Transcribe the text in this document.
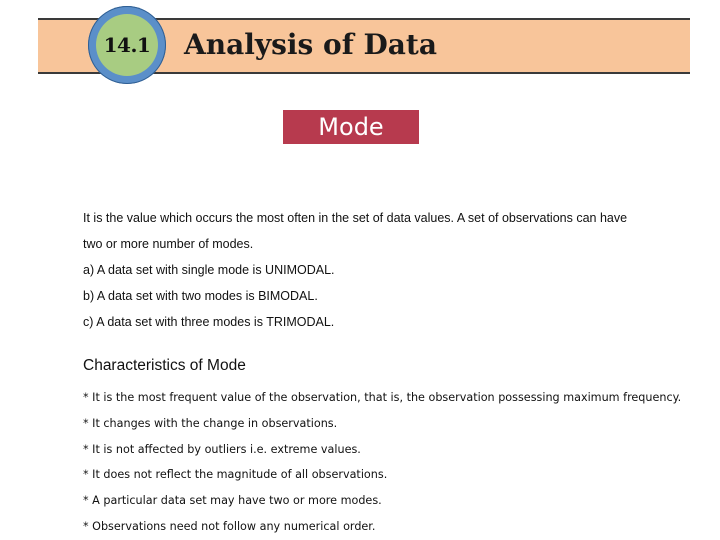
14.1 Analysis of Data
Mode

It is the value which occurs the most often in the set of data values. A set of observations can have

two or more number of modes.

a) A data set with single mode is UNIMODAL.

b) A data set with two modes is BIMODAL.

c) A data set with three modes is TRIMODAL.

Characteristics of Mode
* It is the most frequent value of the observation, that is, the observation possessing maximum frequency.
* It changes with the change in observations.
* It is not affected by outliers i.e. extreme values.
* It does not reflect the magnitude of all observations.
* A particular data set may have two or more modes.
* Observations need not follow any numerical order.
